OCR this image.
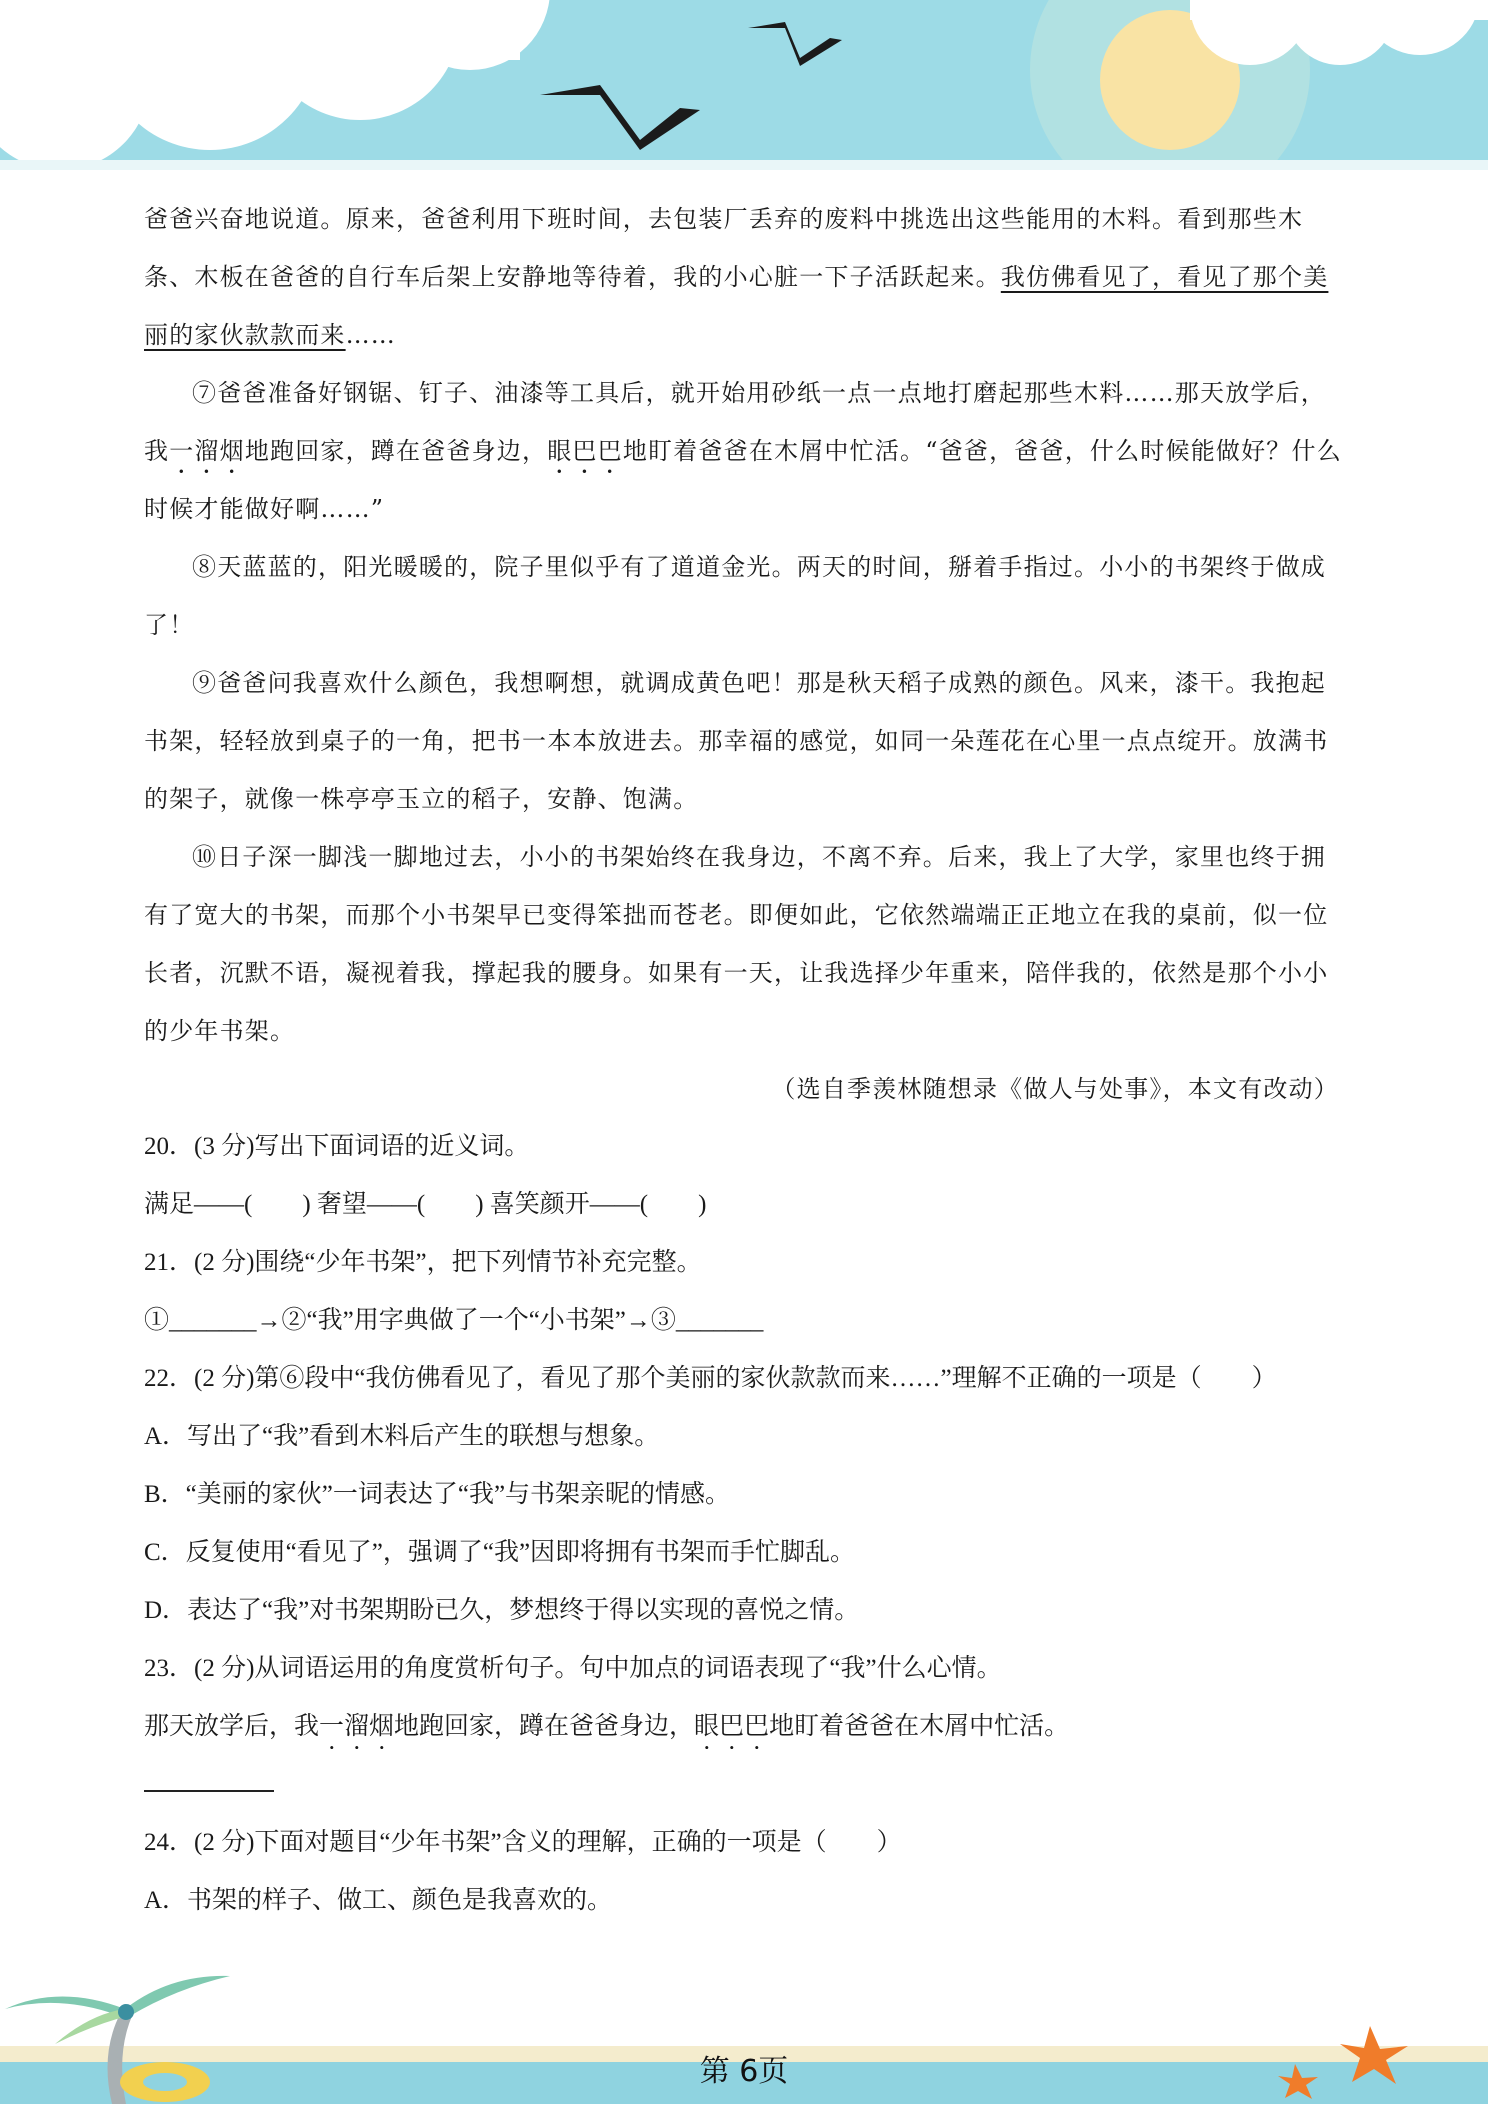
爸爸兴奋地说道。原来，爸爸利用下班时间，去包装厂丢弃的废料中挑选出这些能用的木料。看到那些木条、木板在爸爸的自行车后架上安静地等待着，我的小心脏一下子活跃起来。我仿佛看见了，看见了那个美丽的家伙款款而来……

⑦爸爸准备好钢锯、钉子、油漆等工具后，就开始用砂纸一点一点地打磨起那些木料……那天放学后，我一溜烟地跑回家，蹲在爸爸身边，眼巴巴地盯着爸爸在木屑中忙活。“爸爸，爸爸，什么时候能做好？什么时候才能做好啊……”

⑧天蓝蓝的，阳光暖暖的，院子里似乎有了道道金光。两天的时间，掰着手指过。小小的书架终于做成了！

⑨爸爸问我喜欢什么颜色，我想啊想，就调成黄色吧！那是秋天稻子成熟的颜色。风来，漆干。我抱起书架，轻轻放到桌子的一角，把书一本本放进去。那幸福的感觉，如同一朵莲花在心里一点点绽开。放满书的架子，就像一株亭亭玉立的稻子，安静、饱满。

⑩日子深一脚浅一脚地过去，小小的书架始终在我身边，不离不弃。后来，我上了大学，家里也终于拥有了宽大的书架，而那个小书架早已变得笨拙而苍老。即便如此，它依然端端正正地立在我的桌前，似一位长者，沉默不语，凝视着我，撑起我的腰身。如果有一天，让我选择少年重来，陪伴我的，依然是那个小小的少年书架。

（选自季羡林随想录《做人与处事》，本文有改动）

20．(3 分)写出下面词语的近义词。

满足——(　　) 奢望——(　　) 喜笑颜开——(　　)

21．(2 分)围绕“少年书架”，把下列情节补充完整。

①_______→②“我”用字典做了一个“小书架”→③_______

22．(2 分)第⑥段中“我仿佛看见了，看见了那个美丽的家伙款款而来……”理解不正确的一项是（　　）

A．写出了“我”看到木料后产生的联想与想象。

B．“美丽的家伙”一词表达了“我”与书架亲昵的情感。

C．反复使用“看见了”，强调了“我”因即将拥有书架而手忙脚乱。

D．表达了“我”对书架期盼已久，梦想终于得以实现的喜悦之情。

23．(2 分)从词语运用的角度赏析句子。句中加点的词语表现了“我”什么心情。

那天放学后，我一溜烟地跑回家，蹲在爸爸身边，眼巴巴地盯着爸爸在木屑中忙活。

24．(2 分)下面对题目“少年书架”含义的理解，正确的一项是（　　）

A．书架的样子、做工、颜色是我喜欢的。

第 6页
